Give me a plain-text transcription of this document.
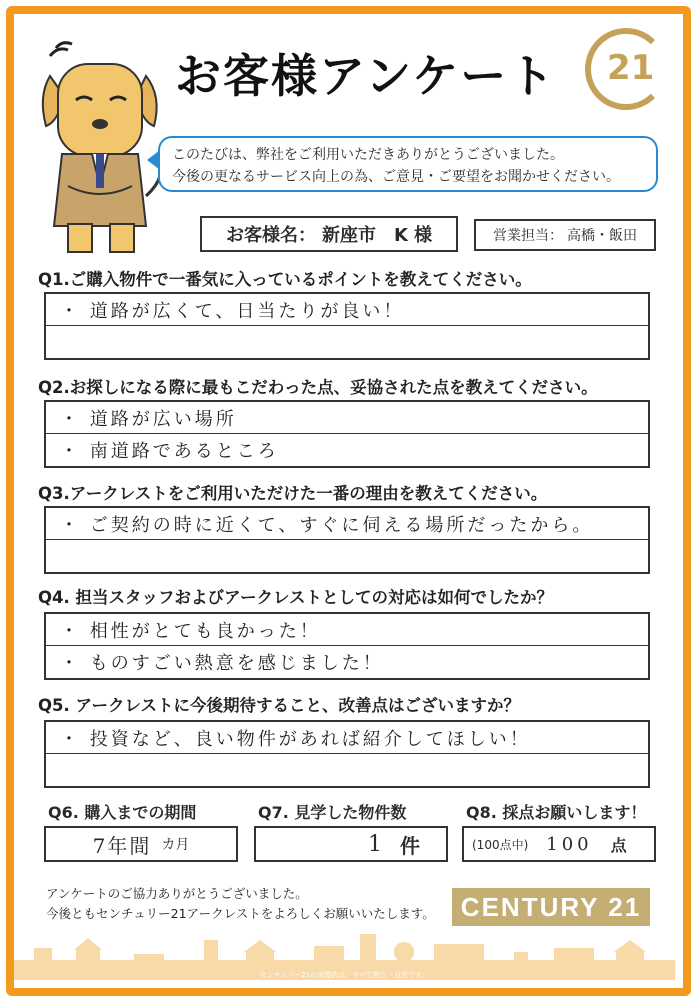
お客様アンケート 21
このたびは、弊社をご利用いただきありがとうございました。
今後の更なるサービス向上の為、ご意見・ご要望をお聞かせください。
お客様名： 新座市　K 様	営業担当： 高橋・飯田
Q1.ご購入物件で一番気に入っているポイントを教えてください。
・ 道路が広くて、日当たりが良い！
Q2.お探しになる際に最もこだわった点、妥協された点を教えてください。
・ 道路が広い場所
・ 南道路であるところ
Q3.アークレストをご利用いただけた一番の理由を教えてください。
・ ご契約の時に近くて、すぐに伺える場所だったから。
Q4. 担当スタッフおよびアークレストとしての対応は如何でしたか？
・ 相性がとても良かった！
・ ものすごい熱意を感じました！
Q5. アークレストに今後期待すること、改善点はございますか？
・ 投資など、良い物件があれば紹介してほしい！
Q6. 購入までの期間	Q7. 見学した物件数	Q8. 採点お願いします！
7年間 カ月	1 件	(100点中) 100 点
アンケートのご協力ありがとうございました。
今後ともセンチュリー21アークレストをよろしくお願いいたします。	CENTURY 21
センチュリー21の加盟店は、すべて独立・自営です。
